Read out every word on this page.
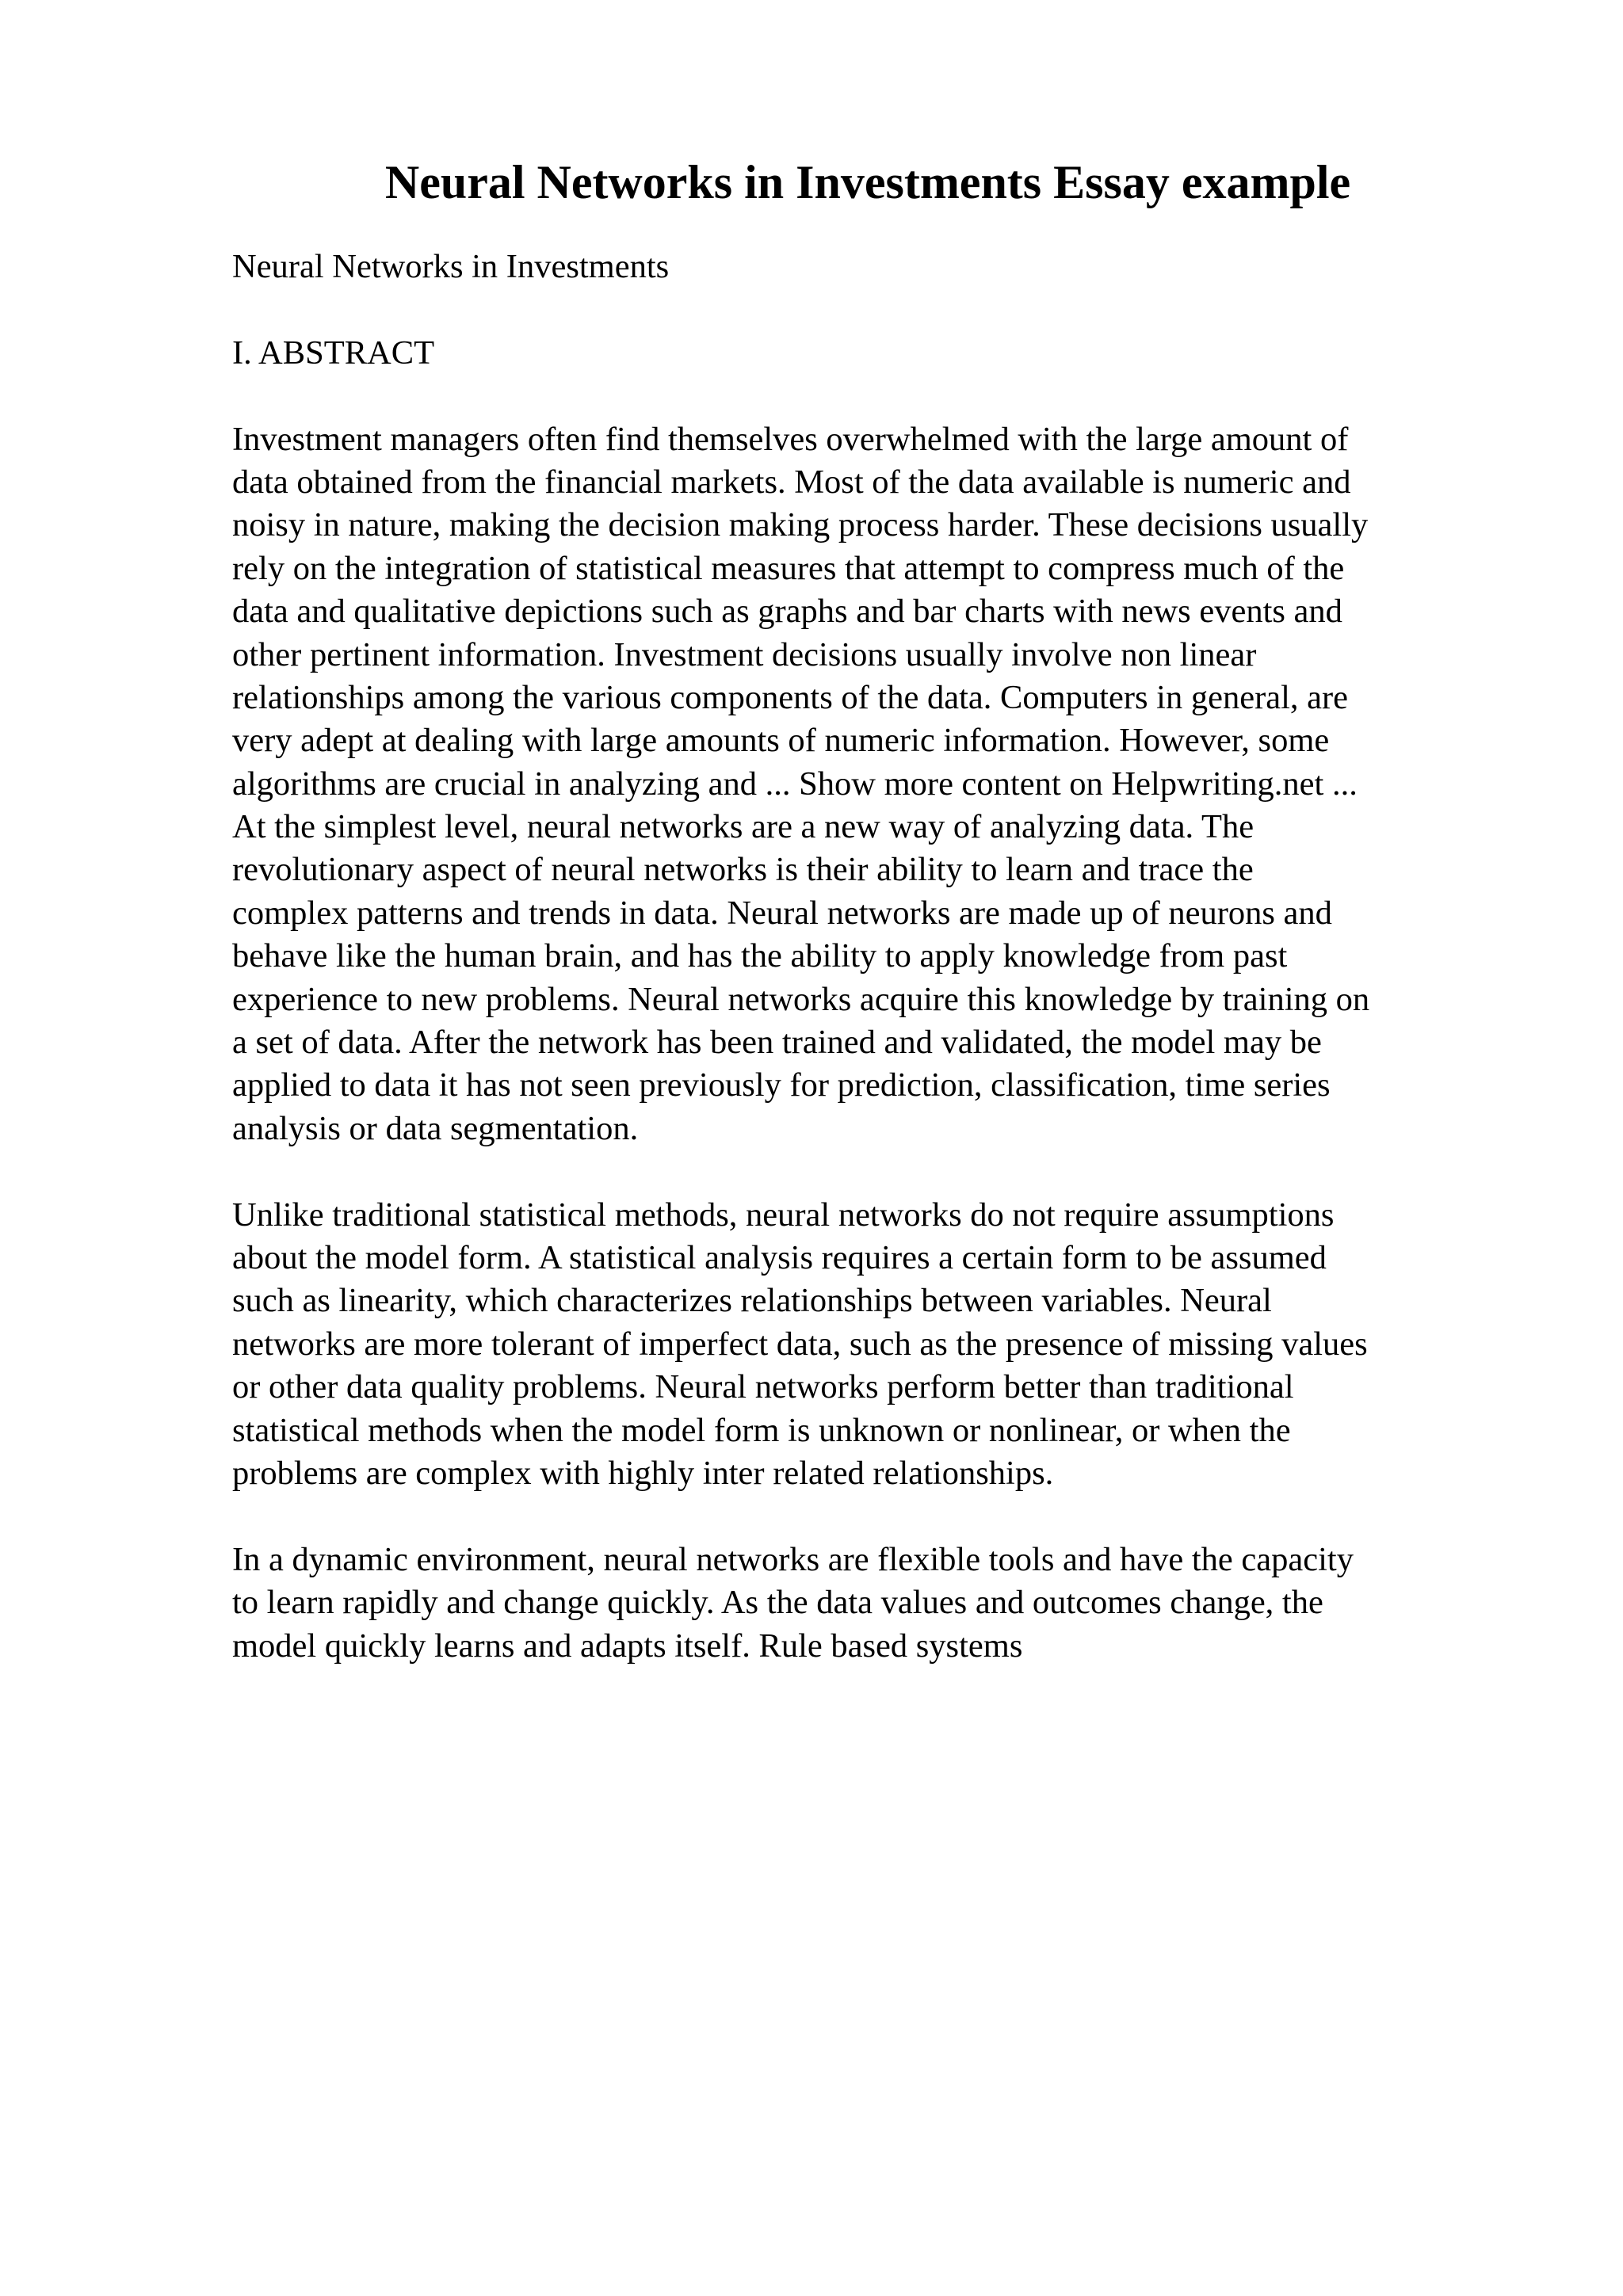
Neural Networks in Investments Essay example
Neural Networks in Investments
I. ABSTRACT
Investment managers often find themselves overwhelmed with the large amount of
data obtained from the financial markets. Most of the data available is numeric and
noisy in nature, making the decision making process harder. These decisions usually
rely on the integration of statistical measures that attempt to compress much of the
data and qualitative depictions such as graphs and bar charts with news events and
other pertinent information. Investment decisions usually involve non linear
relationships among the various components of the data. Computers in general, are
very adept at dealing with large amounts of numeric information. However, some
algorithms are crucial in analyzing and ... Show more content on Helpwriting.net ...
At the simplest level, neural networks are a new way of analyzing data. The
revolutionary aspect of neural networks is their ability to learn and trace the
complex patterns and trends in data. Neural networks are made up of neurons and
behave like the human brain, and has the ability to apply knowledge from past
experience to new problems. Neural networks acquire this knowledge by training on
a set of data. After the network has been trained and validated, the model may be
applied to data it has not seen previously for prediction, classification, time series
analysis or data segmentation.
Unlike traditional statistical methods, neural networks do not require assumptions
about the model form. A statistical analysis requires a certain form to be assumed
such as linearity, which characterizes relationships between variables. Neural
networks are more tolerant of imperfect data, such as the presence of missing values
or other data quality problems. Neural networks perform better than traditional
statistical methods when the model form is unknown or nonlinear, or when the
problems are complex with highly inter related relationships.
In a dynamic environment, neural networks are flexible tools and have the capacity
to learn rapidly and change quickly. As the data values and outcomes change, the
model quickly learns and adapts itself. Rule based systems
